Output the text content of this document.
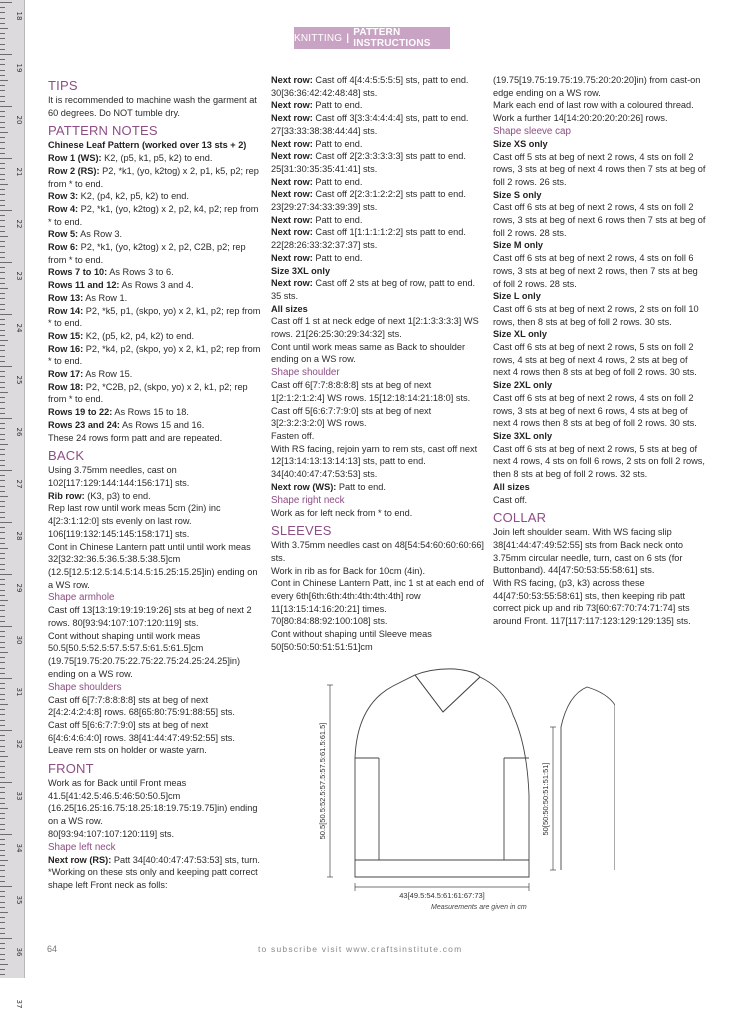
18
19
20
21
22
23
24
25
26
27
28
29
30
31
32
33
34
35
36
37
KNITTING | PATTERN INSTRUCTIONS

TIPS

It is recommended to machine wash the garment at 60 degrees. Do NOT tumble dry.

PATTERN NOTES

Chinese Leaf Pattern (worked over 13 sts + 2)

Row 1 (WS): K2, (p5, k1, p5, k2) to end.

Row 2 (RS): P2, *k1, (yo, k2tog) x 2, p1, k5, p2; rep from * to end.

Row 3: K2, (p4, k2, p5, k2) to end.

Row 4: P2, *k1, (yo, k2tog) x 2, p2, k4, p2; rep from * to end.

Row 5: As Row 3.

Row 6: P2, *k1, (yo, k2tog) x 2, p2, C2B, p2; rep from * to end.

Rows 7 to 10: As Rows 3 to 6.

Rows 11 and 12: As Rows 3 and 4.

Row 13: As Row 1.

Row 14: P2, *k5, p1, (skpo, yo) x 2, k1, p2; rep from * to end.

Row 15: K2, (p5, k2, p4, k2) to end.

Row 16: P2, *k4, p2, (skpo, yo) x 2, k1, p2; rep from * to end.

Row 17: As Row 15.

Row 18: P2, *C2B, p2, (skpo, yo) x 2, k1, p2; rep from * to end.

Rows 19 to 22: As Rows 15 to 18.

Rows 23 and 24: As Rows 15 and 16.

These 24 rows form patt and are repeated.

BACK

Using 3.75mm needles, cast on 102[117:129:144:144:156:171] sts.

Rib row: (K3, p3) to end.

Rep last row until work meas 5cm (2in) inc 4[2:3:1:12:0] sts evenly on last row. 106[119:132:145:145:158:171] sts.

Cont in Chinese Lantern patt until until work meas 32[32:32:36.5:36.5:38.5:38.5]cm (12.5[12.5:12.5:14.5:14.5:15.25:15.25]in) ending on a WS row.

Shape armhole

Cast off 13[13:19:19:19:19:26] sts at beg of next 2 rows. 80[93:94:107:107:120:119] sts.

Cont without shaping until work meas 50.5[50.5:52.5:57.5:57.5:61.5:61.5]cm (19.75[19.75:20.75:22.75:22.75:24.25:24.25]in) ending on a WS row.

Shape shoulders

Cast off 6[7:7:8:8:8:8] sts at beg of next 2[4:2:4:2:4:8] rows. 68[65:80:75:91:88:55] sts.

Cast off 5[6:6:7:7:9:0] sts at beg of next 6[4:6:4:6:4:0] rows. 38[41:44:47:49:52:55] sts.

Leave rem sts on holder or waste yarn.

FRONT

Work as for Back until Front meas 41.5[41:42.5:46.5:46:50:50.5]cm (16.25[16.25:16.75:18.25:18:19.75:19.75]in) ending on a WS row.

80[93:94:107:107:120:119] sts.

Shape left neck

Next row (RS): Patt 34[40:40:47:47:53:53] sts, turn.

*Working on these sts only and keeping patt correct shape left Front neck as folls:

Next row: Cast off 4[4:4:5:5:5:5] sts, patt to end. 30[36:36:42:42:48:48] sts.

Next row: Patt to end.

Next row: Cast off 3[3:3:4:4:4:4] sts, patt to end. 27[33:33:38:38:44:44] sts.

Next row: Patt to end.

Next row: Cast off 2[2:3:3:3:3:3] sts patt to end. 25[31:30:35:35:41:41] sts.

Next row: Patt to end.

Next row: Cast off 2[2:3:1:2:2:2] sts patt to end. 23[29:27:34:33:39:39] sts.

Next row: Patt to end.

Next row: Cast off 1[1:1:1:1:2:2] sts patt to end. 22[28:26:33:32:37:37] sts.

Next row: Patt to end.

Size 3XL only

Next row: Cast off 2 sts at beg of row, patt to end. 35 sts.

All sizes

Cast off 1 st at neck edge of next 1[2:1:3:3:3:3] WS rows. 21[26:25:30:29:34:32] sts.

Cont until work meas same as Back to shoulder ending on a WS row.

Shape shoulder

Cast off 6[7:7:8:8:8:8] sts at beg of next 1[2:1:2:1:2:4] WS rows. 15[12:18:14:21:18:0] sts.

Cast off 5[6:6:7:7:9:0] sts at beg of next 3[2:3:2:3:2:0] WS rows.

Fasten off.

With RS facing, rejoin yarn to rem sts, cast off next 12[13:14:13:13:14:13] sts, patt to end. 34[40:40:47:47:53:53] sts.

Next row (WS): Patt to end.

Shape right neck

Work as for left neck from * to end.

SLEEVES

With 3.75mm needles cast on 48[54:54:60:60:60:66] sts.

Work in rib as for Back for 10cm (4in).

Cont in Chinese Lantern Patt, inc 1 st at each end of every 6th[6th:6th:4th:4th:4th:4th] row 11[13:15:14:16:20:21] times. 70[80:84:88:92:100:108] sts.

Cont without shaping until Sleeve meas 50[50:50:50:51:51:51]cm

(19.75[19.75:19.75:19.75:20:20:20]in) from cast-on edge ending on a WS row.

Mark each end of last row with a coloured thread.

Work a further 14[14:20:20:20:20:26] rows.

Shape sleeve cap

Size XS only

Cast off 5 sts at beg of next 2 rows, 4 sts on foll 2 rows, 3 sts at beg of next 4 rows then 7 sts at beg of foll 2 rows. 26 sts.

Size S only

Cast off 6 sts at beg of next 2 rows, 4 sts on foll 2 rows, 3 sts at beg of next 6 rows then 7 sts at beg of foll 2 rows. 28 sts.

Size M only

Cast off 6 sts at beg of next 2 rows, 4 sts on foll 6 rows, 3 sts at beg of next 2 rows, then 7 sts at beg of foll 2 rows. 28 sts.

Size L only

Cast off 6 sts at beg of next 2 rows, 2 sts on foll 10 rows, then 8 sts at beg of foll 2 rows. 30 sts.

Size XL only

Cast off 6 sts at beg of next 2 rows, 5 sts on foll 2 rows, 4 sts at beg of next 4 rows, 2 sts at beg of next 4 rows then 8 sts at beg of foll 2 rows. 30 sts.

Size 2XL only

Cast off 6 sts at beg of next 2 rows, 4 sts on foll 2 rows, 3 sts at beg of next 6 rows, 4 sts at beg of next 4 rows then 8 sts at beg of foll 2 rows. 30 sts.

Size 3XL only

Cast off 6 sts at beg of next 2 rows, 5 sts at beg of next 4 rows, 4 sts on foll 6 rows, 2 sts on foll 2 rows, then 8 sts at beg of foll 2 rows. 32 sts.

All sizes

Cast off.

COLLAR

Join left shoulder seam. With WS facing slip 38[41:44:47:49:52:55] sts from Back neck onto 3.75mm circular needle, turn, cast on 6 sts (for Buttonband). 44[47:50:53:55:58:61] sts.

With RS facing, (p3, k3) across these 44[47:50:53:55:58:61] sts, then keeping rib patt correct pick up and rib 73[60:67:70:74:71:74] sts around Front. 117[117:117:123:129:129:135] sts.

50.5[50.5:52.5:57.5:57.5:61.5:61.5]
43[49.5:54.5:61:61:67:73]
50[50:50:50:51:51:51]
Measurements are given in cm
64	to subscribe visit www.craftsinstitute.com
